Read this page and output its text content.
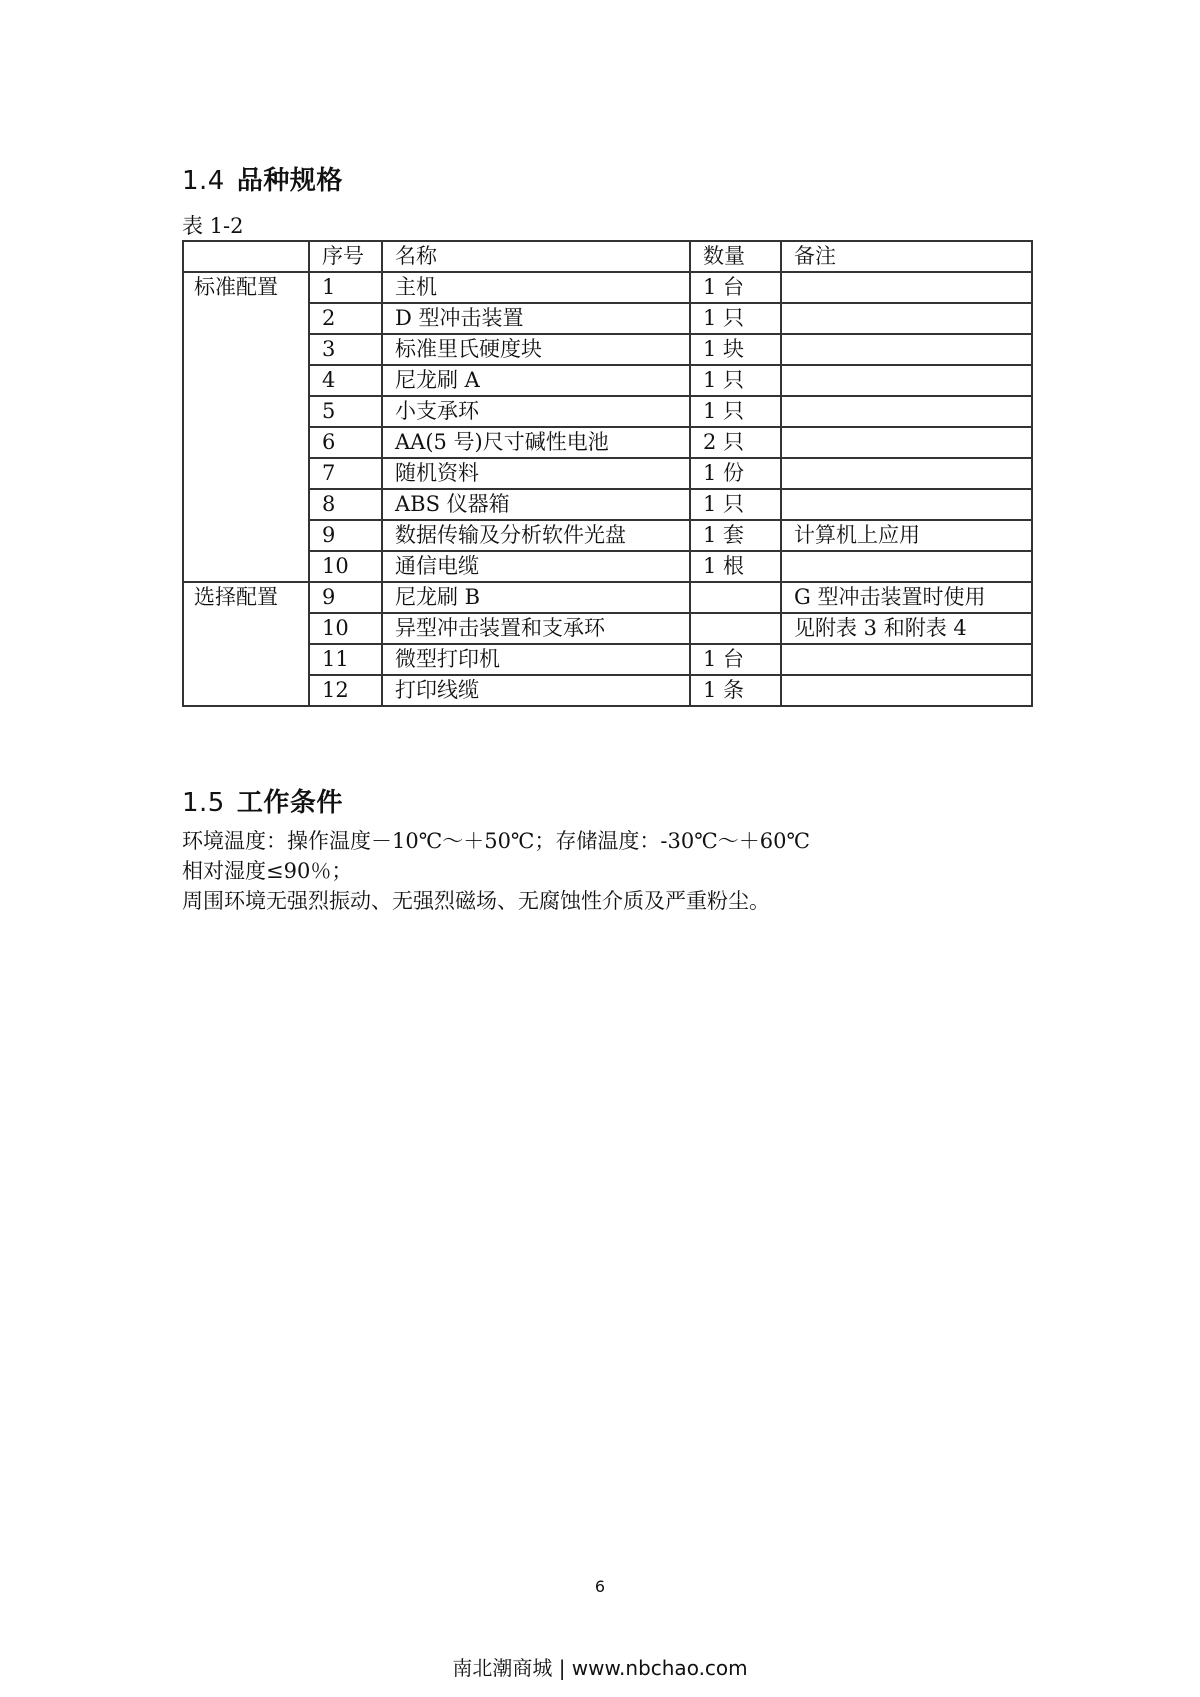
1.4 品种规格
表 1-2
	序号	名称	数量	备注
标准配置	1	主机	1 台	
	2	D 型冲击装置	1 只	
	3	标准里氏硬度块	1 块	
	4	尼龙刷 A	1 只	
	5	小支承环	1 只	
	6	AA(5 号)尺寸碱性电池	2 只	
	7	随机资料	1 份	
	8	ABS 仪器箱	1 只	
	9	数据传输及分析软件光盘	1 套	计算机上应用
	10	通信电缆	1 根	
选择配置	9	尼龙刷 B		G 型冲击装置时使用
	10	异型冲击装置和支承环		见附表 3 和附表 4
	11	微型打印机	1 台	
	12	打印线缆	1 条	
1.5 工作条件
环境温度：操作温度－10℃～＋50℃；存储温度：-30℃～＋60℃
相对湿度≤90％；
周围环境无强烈振动、无强烈磁场、无腐蚀性介质及严重粉尘。
6
南北潮商城 | www.nbchao.com
